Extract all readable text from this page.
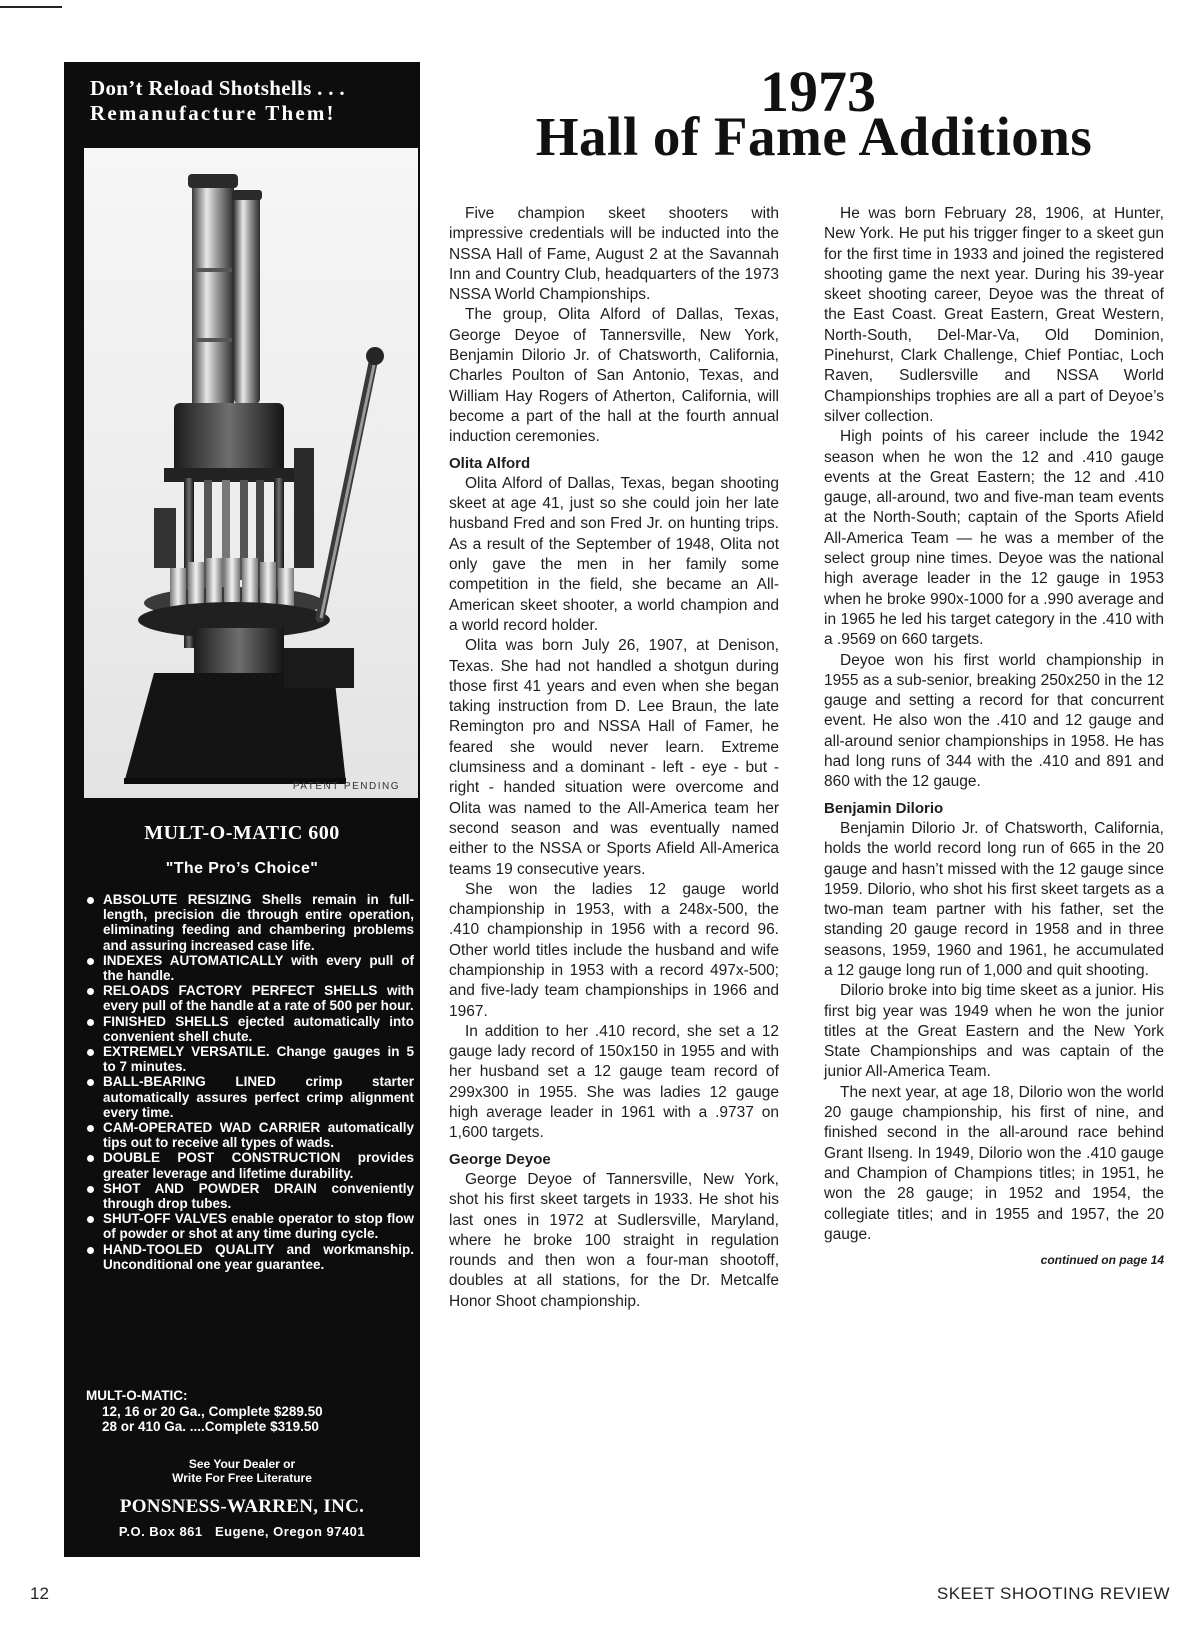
Don’t Reload Shotshells . . .
Remanufacture Them!
PATENT PENDING
MULT-O-MATIC 600
"The Pro’s Choice"
ABSOLUTE RESIZING Shells remain in full-length, precision die through entire operation, eliminating feeding and chambering problems and assuring increased case life.
INDEXES AUTOMATICALLY with every pull of the handle.
RELOADS FACTORY PERFECT SHELLS with every pull of the handle at a rate of 500 per hour.
FINISHED SHELLS ejected automatically into convenient shell chute.
EXTREMELY VERSATILE. Change gauges in 5 to 7 minutes.
BALL-BEARING LINED crimp starter automatically assures perfect crimp alignment every time.
CAM-OPERATED WAD CARRIER automatically tips out to receive all types of wads.
DOUBLE POST CONSTRUCTION provides greater leverage and lifetime durability.
SHOT AND POWDER DRAIN conveniently through drop tubes.
SHUT-OFF VALVES enable operator to stop flow of powder or shot at any time during cycle.
HAND-TOOLED QUALITY and workmanship. Unconditional one year guarantee.
MULT-O-MATIC:
12, 16 or 20 Ga., Complete $289.50
28 or 410 Ga. ....Complete $319.50
See Your Dealer or
Write For Free Literature
PONSNESS-WARREN, INC.
P.O. Box 861   Eugene, Oregon 97401
1973
Hall of Fame Additions

Five champion skeet shooters with impressive credentials will be inducted into the NSSA Hall of Fame, August 2 at the Savannah Inn and Country Club, headquarters of the 1973 NSSA World Championships.

The group, Olita Alford of Dallas, Texas, George Deyoe of Tannersville, New York, Benjamin Dilorio Jr. of Chatsworth, California, Charles Poulton of San Antonio, Texas, and William Hay Rogers of Atherton, California, will become a part of the hall at the fourth annual induction ceremonies.

Olita Alford

Olita Alford of Dallas, Texas, began shooting skeet at age 41, just so she could join her late husband Fred and son Fred Jr. on hunting trips. As a result of the September of 1948, Olita not only gave the men in her family some competition in the field, she became an All-American skeet shooter, a world champion and a world record holder.

Olita was born July 26, 1907, at Denison, Texas. She had not handled a shotgun during those first 41 years and even when she began taking instruction from D. Lee Braun, the late Remington pro and NSSA Hall of Famer, he feared she would never learn. Extreme clumsiness and a dominant - left - eye - but - right - handed situation were overcome and Olita was named to the All-America team her second season and was eventually named either to the NSSA or Sports Afield All-America teams 19 consecutive years.

She won the ladies 12 gauge world championship in 1953, with a 248x-500, the .410 championship in 1956 with a record 96. Other world titles include the husband and wife championship in 1953 with a record 497x-500; and five-lady team championships in 1966 and 1967.

In addition to her .410 record, she set a 12 gauge lady record of 150x150 in 1955 and with her husband set a 12 gauge team record of 299x300 in 1955. She was ladies 12 gauge high average leader in 1961 with a .9737 on 1,600 targets.

George Deyoe

George Deyoe of Tannersville, New York, shot his first skeet targets in 1933. He shot his last ones in 1972 at Sudlersville, Maryland, where he broke 100 straight in regulation rounds and then won a four-man shootoff, doubles at all stations, for the Dr. Metcalfe Honor Shoot championship.

He was born February 28, 1906, at Hunter, New York. He put his trigger finger to a skeet gun for the first time in 1933 and joined the registered shooting game the next year. During his 39-year skeet shooting career, Deyoe was the threat of the East Coast. Great Eastern, Great Western, North-South, Del-Mar-Va, Old Dominion, Pinehurst, Clark Challenge, Chief Pontiac, Loch Raven, Sudlersville and NSSA World Championships trophies are all a part of Deyoe’s silver collection.

High points of his career include the 1942 season when he won the 12 and .410 gauge events at the Great Eastern; the 12 and .410 gauge, all-around, two and five-man team events at the North-South; captain of the Sports Afield All-America Team — he was a member of the select group nine times. Deyoe was the national high average leader in the 12 gauge in 1953 when he broke 990x-1000 for a .990 average and in 1965 he led his target category in the .410 with a .9569 on 660 targets.

Deyoe won his first world championship in 1955 as a sub-senior, breaking 250x250 in the 12 gauge and setting a record for that concurrent event. He also won the .410 and 12 gauge and all-around senior championships in 1958. He has had long runs of 344 with the .410 and 891 and 860 with the 12 gauge.

Benjamin Dilorio

Benjamin Dilorio Jr. of Chatsworth, California, holds the world record long run of 665 in the 20 gauge and hasn’t missed with the 12 gauge since 1959. Dilorio, who shot his first skeet targets as a two-man team partner with his father, set the standing 20 gauge record in 1958 and in three seasons, 1959, 1960 and 1961, he accumulated a 12 gauge long run of 1,000 and quit shooting.

Dilorio broke into big time skeet as a junior. His first big year was 1949 when he won the junior titles at the Great Eastern and the New York State Championships and was captain of the junior All-America Team.

The next year, at age 18, Dilorio won the world 20 gauge championship, his first of nine, and finished second in the all-around race behind Grant Ilseng. In 1949, Dilorio won the .410 gauge and Champion of Champions titles; in 1951, he won the 28 gauge; in 1952 and 1954, the collegiate titles; and in 1955 and 1957, the 20 gauge.

continued on page 14
12	SKEET SHOOTING REVIEW
